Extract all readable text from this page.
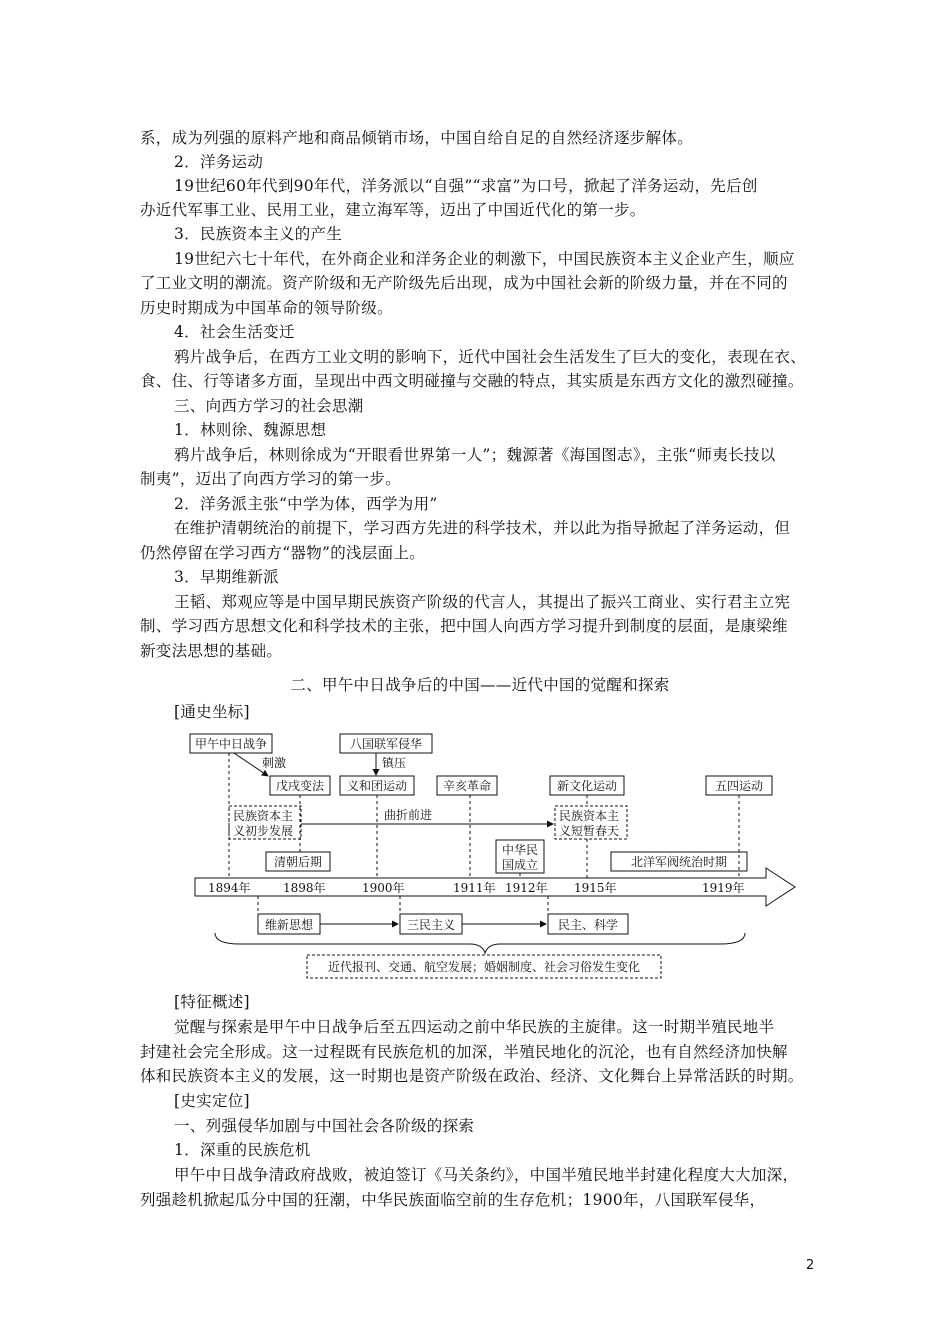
系，成为列强的原料产地和商品倾销市场，中国自给自足的自然经济逐步解体。

2．洋务运动

19世纪60年代到90年代，洋务派以“自强”“求富”为口号，掀起了洋务运动，先后创

办近代军事工业、民用工业，建立海军等，迈出了中国近代化的第一步。

3．民族资本主义的产生

19世纪六七十年代，在外商企业和洋务企业的刺激下，中国民族资本主义企业产生，顺应

了工业文明的潮流。资产阶级和无产阶级先后出现，成为中国社会新的阶级力量，并在不同的

历史时期成为中国革命的领导阶级。

4．社会生活变迁

鸦片战争后，在西方工业文明的影响下，近代中国社会生活发生了巨大的变化，表现在衣、

食、住、行等诸多方面，呈现出中西文明碰撞与交融的特点，其实质是东西方文化的激烈碰撞。

三、向西方学习的社会思潮

1．林则徐、魏源思想

鸦片战争后，林则徐成为“开眼看世界第一人”；魏源著《海国图志》，主张“师夷长技以

制夷”，迈出了向西方学习的第一步。

2．洋务派主张“中学为体，西学为用”

在维护清朝统治的前提下，学习西方先进的科学技术，并以此为指导掀起了洋务运动，但

仍然停留在学习西方“器物”的浅层面上。

3．早期维新派

王韬、郑观应等是中国早期民族资产阶级的代言人，其提出了振兴工商业、实行君主立宪

制、学习西方思想文化和科学技术的主张，把中国人向西方学习提升到制度的层面，是康梁维

新变法思想的基础。

二、甲午中日战争后的中国——近代中国的觉醒和探索

[通史坐标]

甲午中日战争	八国联军侵华
刺激	镇压
曲折前进
戊戌变法 义和团运动	辛亥革命	新文化运动	五四运动
民族资本主
义初步发展
民族资本主
义短暂春天
清朝后期
中华民
国成立	北洋军阀统治时期
1894年	1898年	1900年	1911年 1912年 1915年	1919年
维新思想	三民主义	民主、科学
近代报刊、交通、航空发展；婚姻制度、社会习俗发生变化

[特征概述]

觉醒与探索是甲午中日战争后至五四运动之前中华民族的主旋律。这一时期半殖民地半

封建社会完全形成。这一过程既有民族危机的加深，半殖民地化的沉沦，也有自然经济加快解

体和民族资本主义的发展，这一时期也是资产阶级在政治、经济、文化舞台上异常活跃的时期。

[史实定位]

一、列强侵华加剧与中国社会各阶级的探索

1．深重的民族危机

甲午中日战争清政府战败，被迫签订《马关条约》，中国半殖民地半封建化程度大大加深，

列强趁机掀起瓜分中国的狂潮，中华民族面临空前的生存危机；1900年，八国联军侵华，

2
